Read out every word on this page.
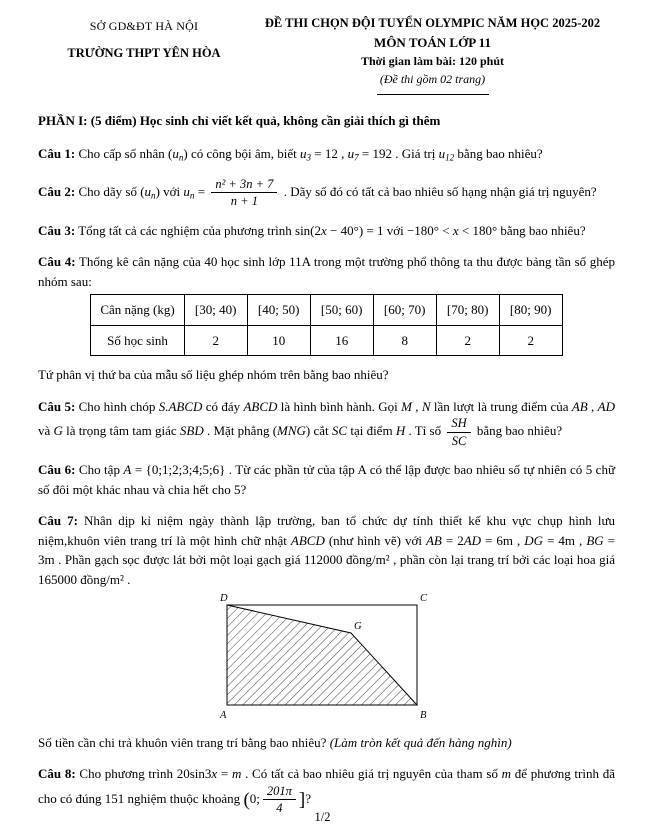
SỞ GD&ĐT HÀ NỘI
TRƯỜNG THPT YÊN HÒA
ĐỀ THI CHỌN ĐỘI TUYỂN OLYMPIC NĂM HỌC 2025-202
MÔN TOÁN LỚP 11
Thời gian làm bài: 120 phút
(Đề thi gồm 02 trang)
PHẦN I: (5 điểm) Học sinh chỉ viết kết quả, không cần giải thích gì thêm
Câu 1: Cho cấp số nhân $(u_n)$ có công bội âm, biết $u_3 = 12$ , $u_7 = 192$ . Giá trị $u_{12}$ bằng bao nhiêu?
Câu 2: Cho dãy số $(u_n)$ với $u_n = \frac{\text{n² + 3n + 7}}{n + 1}$ . Dãy số đó có tất cả bao nhiêu số hạng nhận giá trị nguyên?
Câu 3: Tổng tất cả các nghiệm của phương trình sin(2x − 40°) = 1 với −180° < x < 180° bằng bao nhiêu?
Câu 4: Thống kê cân nặng của 40 học sinh lớp 11A trong một trường phổ thông ta thu được bảng tần số ghép nhóm sau:
Cân nặng (kg)	[30; 40)	[40; 50)	[50; 60)	[60; 70)	[70; 80)	[80; 90)
Số học sinh	2	10	16	8	2	2
Tứ phân vị thứ ba của mẫu số liệu ghép nhóm trên bằng bao nhiêu?
Câu 5: Cho hình chóp S.ABCD có đáy ABCD là hình bình hành. Gọi M , N lần lượt là trung điểm của AB , AD và G là trọng tâm tam giác SBD . Mặt phẳng (MNG) cắt SC tại điểm H . Tỉ số $\frac{SH}{SC}$ bằng bao nhiêu?
Câu 6: Cho tập A = {0;1;2;3;4;5;6} . Từ các phần tử của tập A có thể lập được bao nhiêu số tự nhiên có 5 chữ số đôi một khác nhau và chia hết cho 5?
Câu 7: Nhân dịp kỉ niệm ngày thành lập trường, ban tổ chức dự tính thiết kế khu vực chụp hình lưu niệm,khuôn viên trang trí là một hình chữ nhật ABCD (như hình vẽ) với AB = 2AD = 6m , DG = 4m , BG = 3m . Phần gạch sọc được lát bởi một loại gạch giá 112000 đồng/m² , phần còn lại trang trí bởi các loại hoa giá 165000 đồng/m² .
D	C
G
A	B
Số tiền cần chi trả khuôn viên trang trí bằng bao nhiêu? (Làm tròn kết quả đến hàng nghìn)
Câu 8: Cho phương trình 20sin3x = m . Có tất cả bao nhiêu giá trị nguyên của tham số m để phương trình đã cho có đúng 151 nghiệm thuộc khoảng (0; $\frac{201\pi}{4}$ ]?
1/2
